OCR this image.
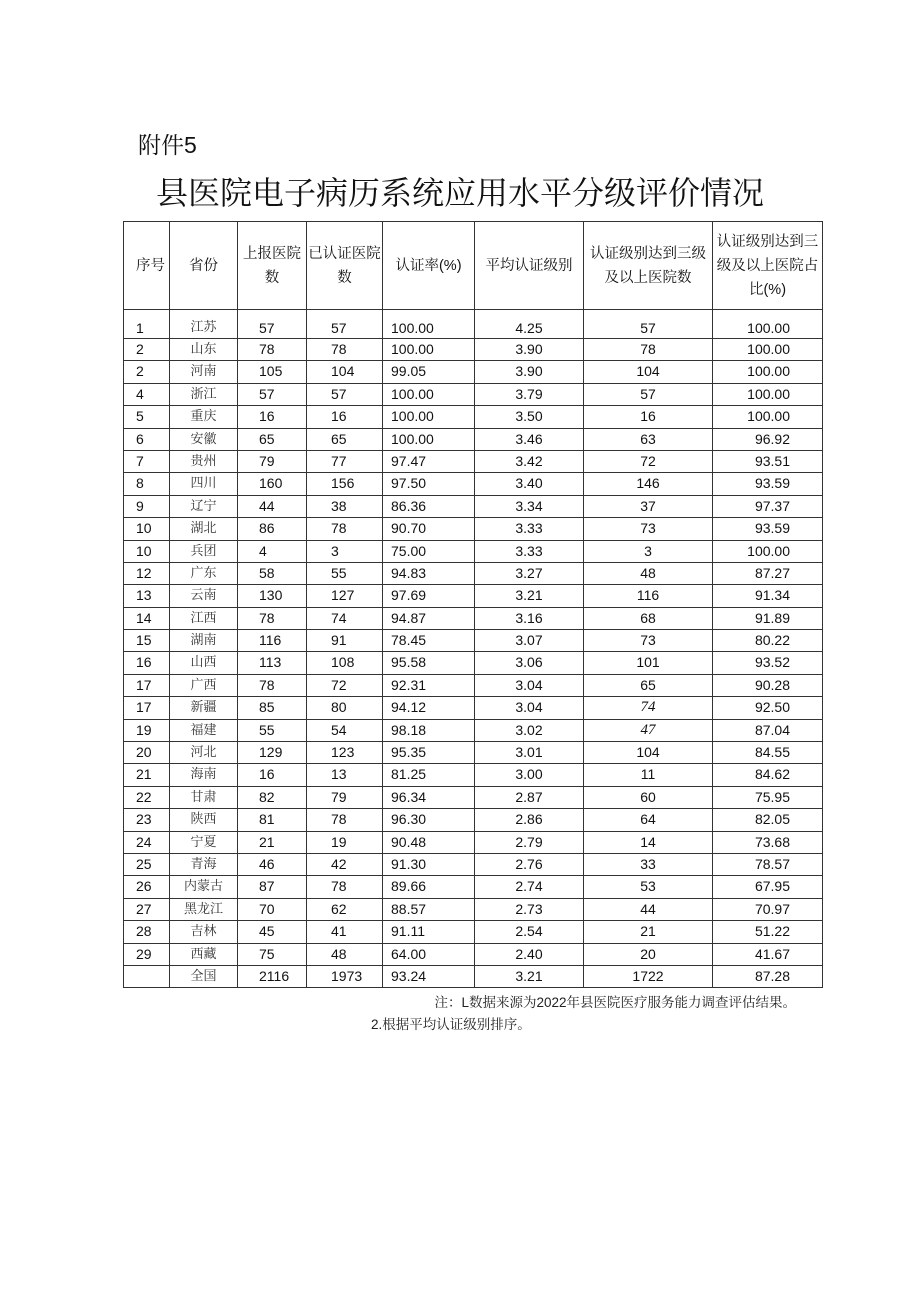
附件5
县医院电子病历系统应用水平分级评价情况
序号	省份	上报医院数	已认证医院数	认证率(%)	平均认证级别	认证级别达到三级及以上医院数	认证级别达到三级及以上医院占比(%)
1	江苏	57	57	100.00	4.25	57	100.00
2	山东	78	78	100.00	3.90	78	100.00
2	河南	105	104	99.05	3.90	104	100.00
4	浙江	57	57	100.00	3.79	57	100.00
5	重庆	16	16	100.00	3.50	16	100.00
6	安徽	65	65	100.00	3.46	63	96.92
7	贵州	79	77	97.47	3.42	72	93.51
8	四川	160	156	97.50	3.40	146	93.59
9	辽宁	44	38	86.36	3.34	37	97.37
10	湖北	86	78	90.70	3.33	73	93.59
10	兵团	4	3	75.00	3.33	3	100.00
12	广东	58	55	94.83	3.27	48	87.27
13	云南	130	127	97.69	3.21	116	91.34
14	江西	78	74	94.87	3.16	68	91.89
15	湖南	116	91	78.45	3.07	73	80.22
16	山西	113	108	95.58	3.06	101	93.52
17	广西	78	72	92.31	3.04	65	90.28
17	新疆	85	80	94.12	3.04	74	92.50
19	福建	55	54	98.18	3.02	47	87.04
20	河北	129	123	95.35	3.01	104	84.55
21	海南	16	13	81.25	3.00	11	84.62
22	甘肃	82	79	96.34	2.87	60	75.95
23	陕西	81	78	96.30	2.86	64	82.05
24	宁夏	21	19	90.48	2.79	14	73.68
25	青海	46	42	91.30	2.76	33	78.57
26	内蒙古	87	78	89.66	2.74	53	67.95
27	黑龙江	70	62	88.57	2.73	44	70.97
28	吉林	45	41	91.11	2.54	21	51.22
29	西藏	75	48	64.00	2.40	20	41.67
	全国	2116	1973	93.24	3.21	1722	87.28
注：L数据来源为2022年县医院医疗服务能力调查评估结果。
2.根据平均认证级别排序。
